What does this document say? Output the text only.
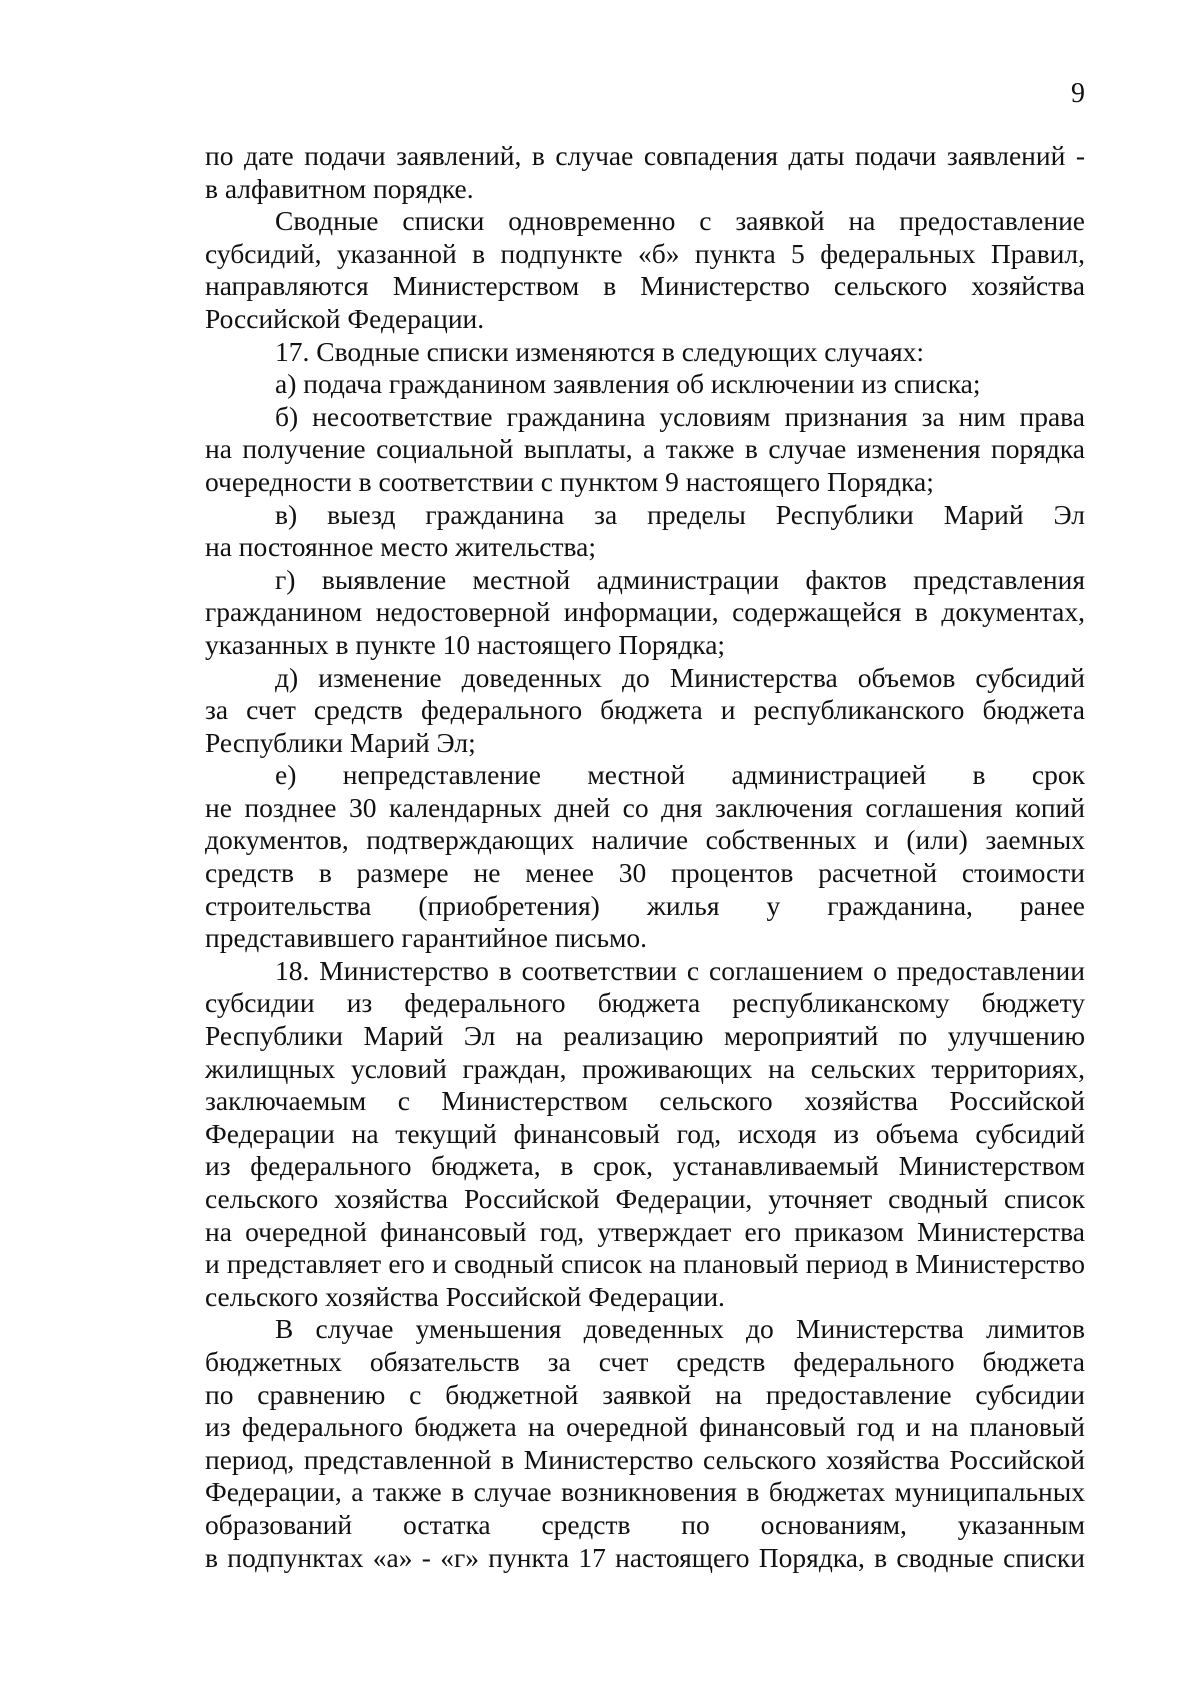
9
по дате подачи заявлений, в случае совпадения даты подачи заявлений -
в алфавитном порядке.
Сводные списки одновременно с заявкой на предоставление
субсидий, указанной в подпункте «б» пункта 5 федеральных Правил,
направляются Министерством в Министерство сельского хозяйства
Российской Федерации.
17. Сводные списки изменяются в следующих случаях:
а) подача гражданином заявления об исключении из списка;
б) несоответствие гражданина условиям признания за ним права
на получение социальной выплаты, а также в случае изменения порядка
очередности в соответствии с пунктом 9 настоящего Порядка;
в) выезд гражданина за пределы Республики Марий Эл
на постоянное место жительства;
г) выявление местной администрации фактов представления
гражданином недостоверной информации, содержащейся в документах,
указанных в пункте 10 настоящего Порядка;
д) изменение доведенных до Министерства объемов субсидий
за счет средств федерального бюджета и республиканского бюджета
Республики Марий Эл;
е) непредставление местной администрацией в срок
не позднее 30 календарных дней со дня заключения соглашения копий
документов, подтверждающих наличие собственных и (или) заемных
средств в размере не менее 30 процентов расчетной стоимости
строительства (приобретения) жилья у гражданина, ранее
представившего гарантийное письмо.
18. Министерство в соответствии с соглашением о предоставлении
субсидии из федерального бюджета республиканскому бюджету
Республики Марий Эл на реализацию мероприятий по улучшению
жилищных условий граждан, проживающих на сельских территориях,
заключаемым с Министерством сельского хозяйства Российской
Федерации на текущий финансовый год, исходя из объема субсидий
из федерального бюджета, в срок, устанавливаемый Министерством
сельского хозяйства Российской Федерации, уточняет сводный список
на очередной финансовый год, утверждает его приказом Министерства
и представляет его и сводный список на плановый период в Министерство
сельского хозяйства Российской Федерации.
В случае уменьшения доведенных до Министерства лимитов
бюджетных обязательств за счет средств федерального бюджета
по сравнению с бюджетной заявкой на предоставление субсидии
из федерального бюджета на очередной финансовый год и на плановый
период, представленной в Министерство сельского хозяйства Российской
Федерации, а также в случае возникновения в бюджетах муниципальных
образований остатка средств по основаниям, указанным
в подпунктах «а» - «г» пункта 17 настоящего Порядка, в сводные списки
